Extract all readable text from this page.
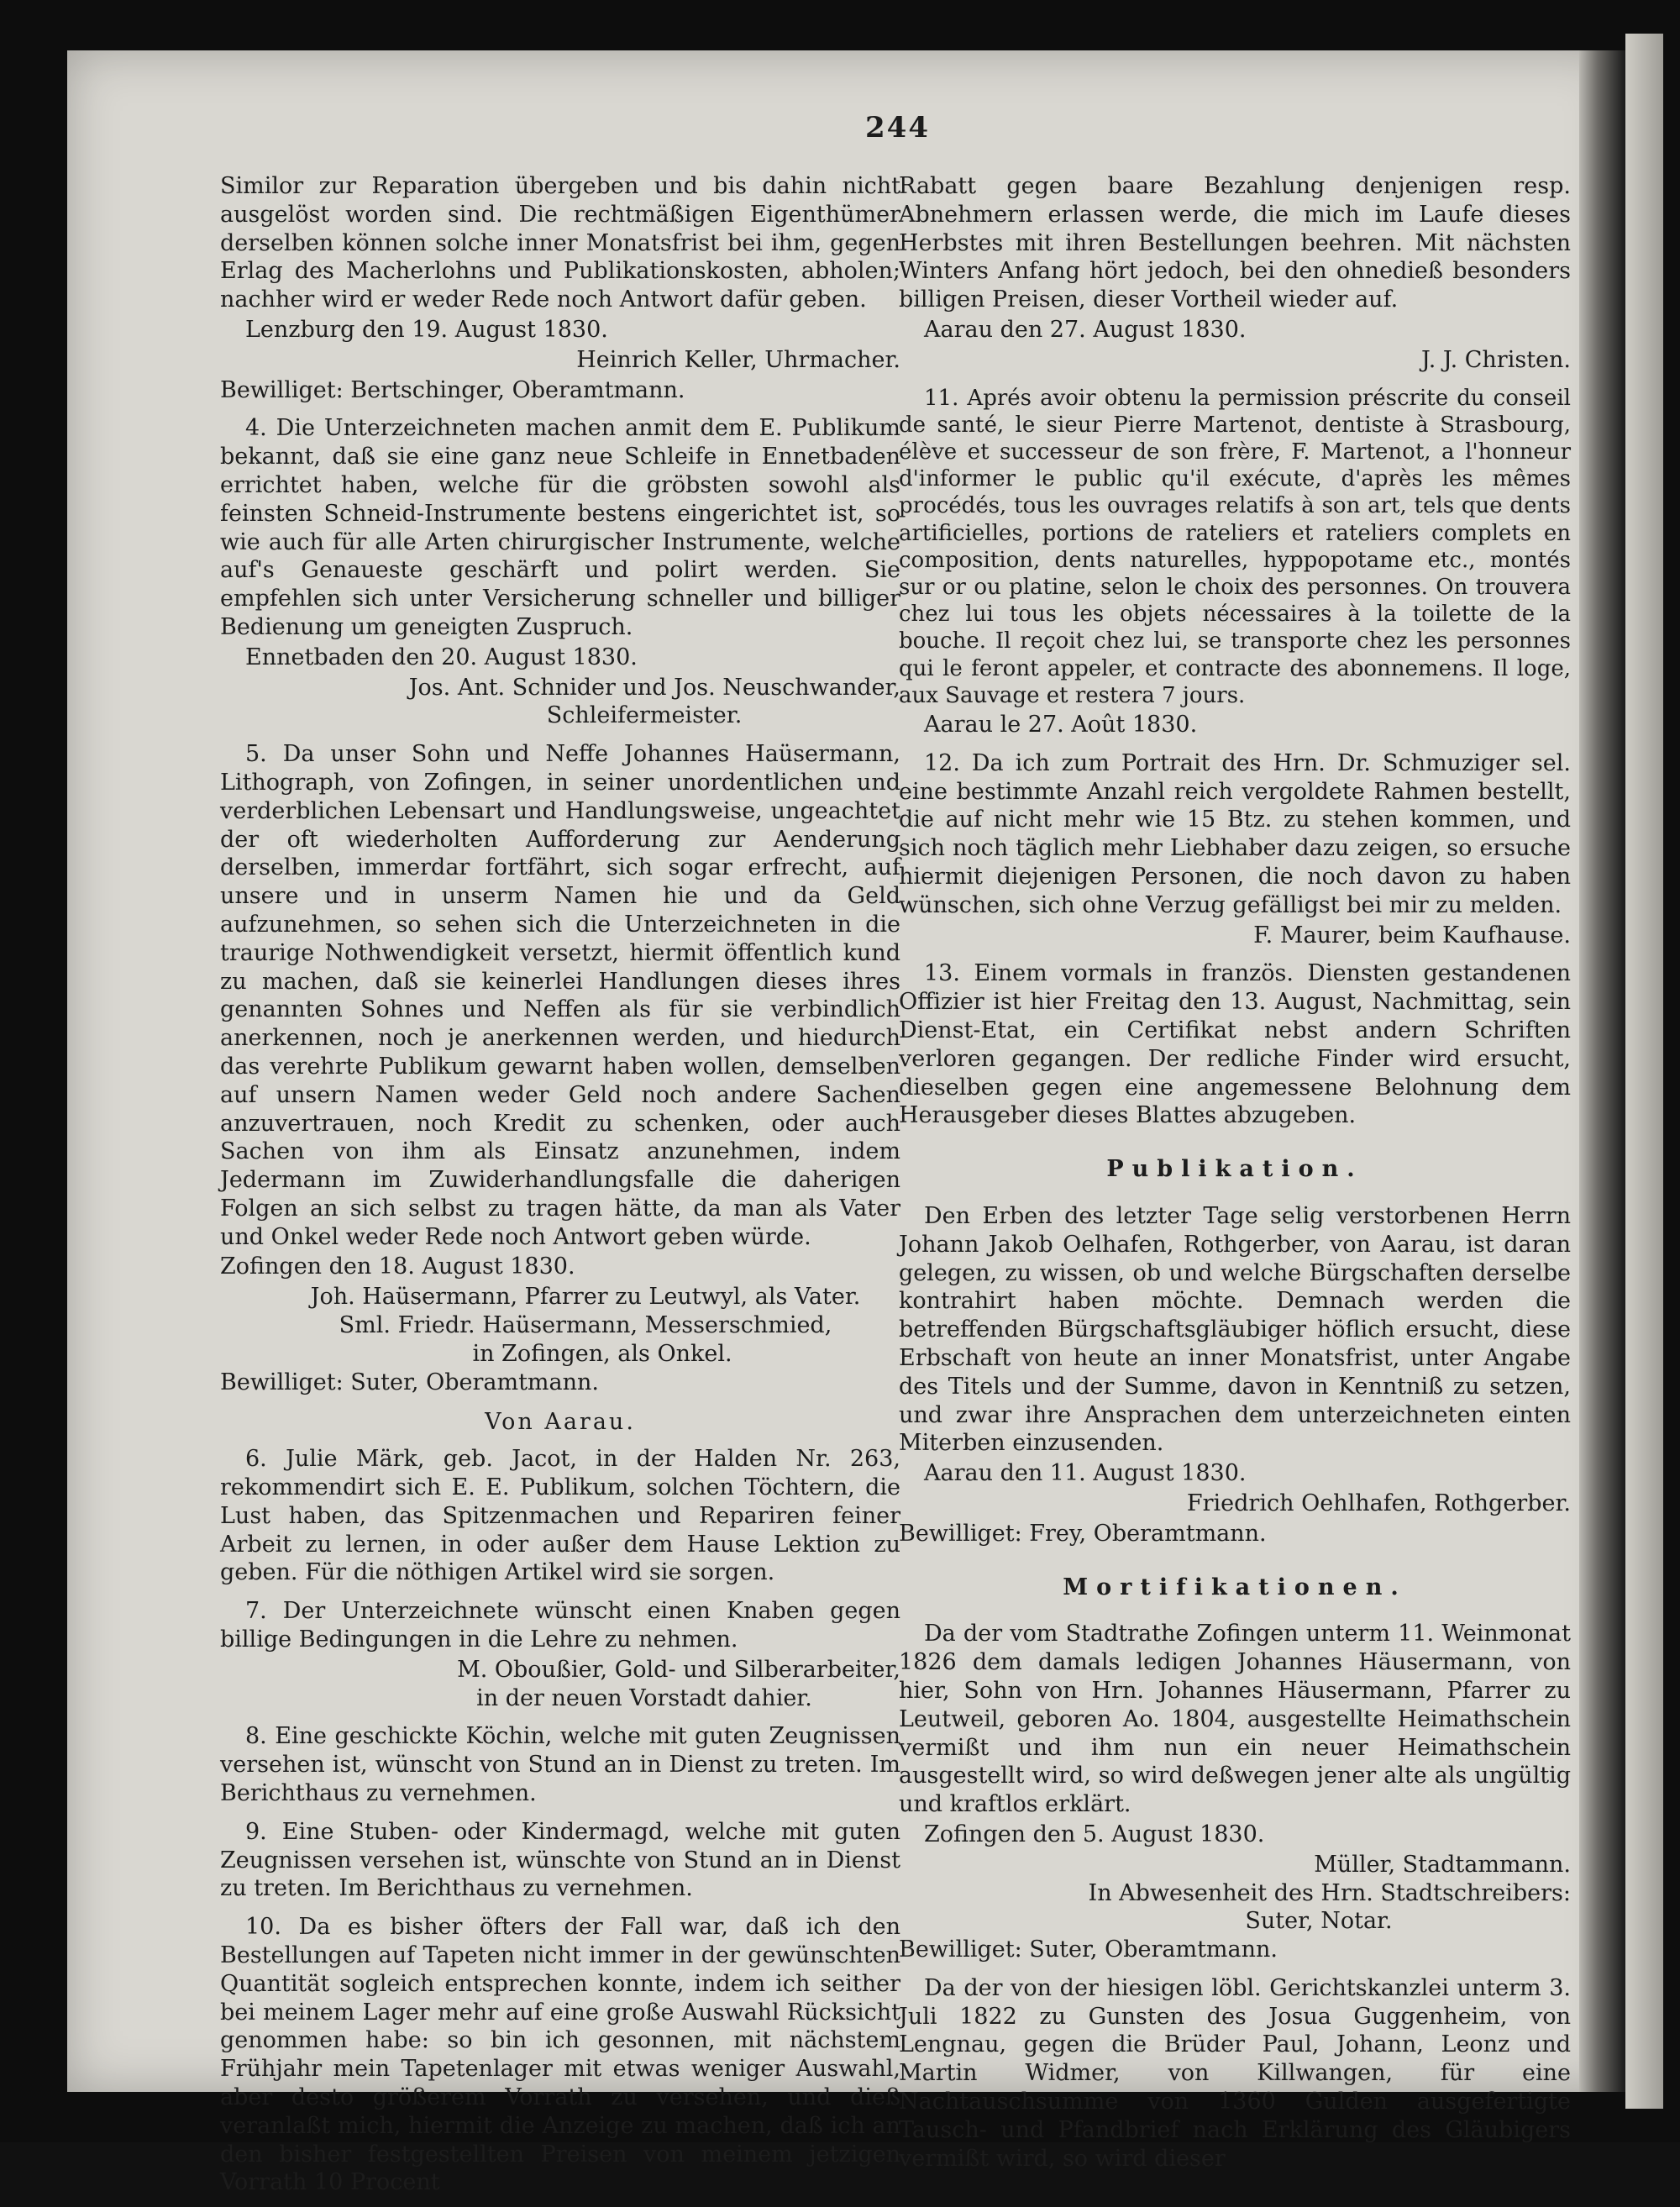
244

Similor zur Reparation übergeben und bis dahin nicht ausgelöst worden sind. Die rechtmäßigen Eigenthümer derselben können solche inner Monatsfrist bei ihm, gegen Erlag des Macherlohns und Publikationskosten, abholen; nachher wird er weder Rede noch Antwort dafür geben.

Lenzburg den 19. August 1830.

Heinrich Keller, Uhrmacher.

Bewilliget: Bertschinger, Oberamtmann.

4. Die Unterzeichneten machen anmit dem E. Publikum bekannt, daß sie eine ganz neue Schleife in Ennetbaden errichtet haben, welche für die gröbsten sowohl als feinsten Schneid-Instrumente bestens eingerichtet ist, so wie auch für alle Arten chirurgischer Instrumente, welche auf's Genaueste geschärft und polirt werden. Sie empfehlen sich unter Versicherung schneller und billiger Bedienung um geneigten Zuspruch.

Ennetbaden den 20. August 1830.

Jos. Ant. Schnider und Jos. Neuschwander,

Schleifermeister.

5. Da unser Sohn und Neffe Johannes Haüsermann, Lithograph, von Zofingen, in seiner unordentlichen und verderblichen Lebensart und Handlungsweise, ungeachtet der oft wiederholten Aufforderung zur Aenderung derselben, immerdar fortfährt, sich sogar erfrecht, auf unsere und in unserm Namen hie und da Geld aufzunehmen, so sehen sich die Unterzeichneten in die traurige Nothwendigkeit versetzt, hiermit öffentlich kund zu machen, daß sie keinerlei Handlungen dieses ihres genannten Sohnes und Neffen als für sie verbindlich anerkennen, noch je anerkennen werden, und hiedurch das verehrte Publikum gewarnt haben wollen, demselben auf unsern Namen weder Geld noch andere Sachen anzuvertrauen, noch Kredit zu schenken, oder auch Sachen von ihm als Einsatz anzunehmen, indem Jedermann im Zuwiderhandlungsfalle die daherigen Folgen an sich selbst zu tragen hätte, da man als Vater und Onkel weder Rede noch Antwort geben würde.

Zofingen den 18. August 1830.

Joh. Haüsermann, Pfarrer zu Leutwyl, als Vater.

Sml. Friedr. Haüsermann, Messerschmied,

in Zofingen, als Onkel.

Bewilliget: Suter, Oberamtmann.

Von Aarau.

6. Julie Märk, geb. Jacot, in der Halden Nr. 263, rekommendirt sich E. E. Publikum, solchen Töchtern, die Lust haben, das Spitzenmachen und Repariren feiner Arbeit zu lernen, in oder außer dem Hause Lektion zu geben. Für die nöthigen Artikel wird sie sorgen.

7. Der Unterzeichnete wünscht einen Knaben gegen billige Bedingungen in die Lehre zu nehmen.

M. Oboußier, Gold- und Silberarbeiter,

in der neuen Vorstadt dahier.

8. Eine geschickte Köchin, welche mit guten Zeugnissen versehen ist, wünscht von Stund an in Dienst zu treten. Im Berichthaus zu vernehmen.

9. Eine Stuben- oder Kindermagd, welche mit guten Zeugnissen versehen ist, wünschte von Stund an in Dienst zu treten. Im Berichthaus zu vernehmen.

10. Da es bisher öfters der Fall war, daß ich den Bestellungen auf Tapeten nicht immer in der gewünschten Quantität sogleich entsprechen konnte, indem ich seither bei meinem Lager mehr auf eine große Auswahl Rücksicht genommen habe: so bin ich gesonnen, mit nächstem Frühjahr mein Tapetenlager mit etwas weniger Auswahl, aber desto größerem Vorrath zu versehen, und dieß veranlaßt mich, hiermit die Anzeige zu machen, daß ich an den bisher festgestellten Preisen von meinem jetzigen Vorrath 10 Procent

Rabatt gegen baare Bezahlung denjenigen resp. Abnehmern erlassen werde, die mich im Laufe dieses Herbstes mit ihren Bestellungen beehren. Mit nächsten Winters Anfang hört jedoch, bei den ohnedieß besonders billigen Preisen, dieser Vortheil wieder auf.

Aarau den 27. August 1830.

J. J. Christen.

11. Aprés avoir obtenu la permission préscrite du conseil de santé, le sieur Pierre Martenot, dentiste à Strasbourg, élève et successeur de son frère, F. Martenot, a l'honneur d'informer le public qu'il exécute, d'après les mêmes procédés, tous les ouvrages relatifs à son art, tels que dents artificielles, portions de rateliers et rateliers complets en composition, dents naturelles, hyppopotame etc., montés sur or ou platine, selon le choix des personnes. On trouvera chez lui tous les objets nécessaires à la toilette de la bouche. Il reçoit chez lui, se transporte chez les personnes qui le feront appeler, et contracte des abonnemens. Il loge, aux Sauvage et restera 7 jours.

Aarau le 27. Août 1830.

12. Da ich zum Portrait des Hrn. Dr. Schmuziger sel. eine bestimmte Anzahl reich vergoldete Rahmen bestellt, die auf nicht mehr wie 15 Btz. zu stehen kommen, und sich noch täglich mehr Liebhaber dazu zeigen, so ersuche hiermit diejenigen Personen, die noch davon zu haben wünschen, sich ohne Verzug gefälligst bei mir zu melden.

F. Maurer, beim Kaufhause.

13. Einem vormals in französ. Diensten gestandenen Offizier ist hier Freitag den 13. August, Nachmittag, sein Dienst-Etat, ein Certifikat nebst andern Schriften verloren gegangen. Der redliche Finder wird ersucht, dieselben gegen eine angemessene Belohnung dem Herausgeber dieses Blattes abzugeben.

Publikation.

Den Erben des letzter Tage selig verstorbenen Herrn Johann Jakob Oelhafen, Rothgerber, von Aarau, ist daran gelegen, zu wissen, ob und welche Bürgschaften derselbe kontrahirt haben möchte. Demnach werden die betreffenden Bürgschaftsgläubiger höflich ersucht, diese Erbschaft von heute an inner Monatsfrist, unter Angabe des Titels und der Summe, davon in Kenntniß zu setzen, und zwar ihre Ansprachen dem unterzeichneten einten Miterben einzusenden.

Aarau den 11. August 1830.

Friedrich Oehlhafen, Rothgerber.

Bewilliget: Frey, Oberamtmann.

Mortifikationen.

Da der vom Stadtrathe Zofingen unterm 11. Weinmonat 1826 dem damals ledigen Johannes Häusermann, von hier, Sohn von Hrn. Johannes Häusermann, Pfarrer zu Leutweil, geboren Ao. 1804, ausgestellte Heimathschein vermißt und ihm nun ein neuer Heimathschein ausgestellt wird, so wird deßwegen jener alte als ungültig und kraftlos erklärt.

Zofingen den 5. August 1830.

Müller, Stadtammann.

In Abwesenheit des Hrn. Stadtschreibers:

Suter, Notar.

Bewilliget: Suter, Oberamtmann.

Da der von der hiesigen löbl. Gerichtskanzlei unterm 3. Juli 1822 zu Gunsten des Josua Guggenheim, von Lengnau, gegen die Brüder Paul, Johann, Leonz und Martin Widmer, von Killwangen, für eine Nachtauschsumme von 1360 Gulden ausgefertigte Tausch- und Pfandbrief nach Erklärung des Gläubigers vermißt wird, so wird dieser
